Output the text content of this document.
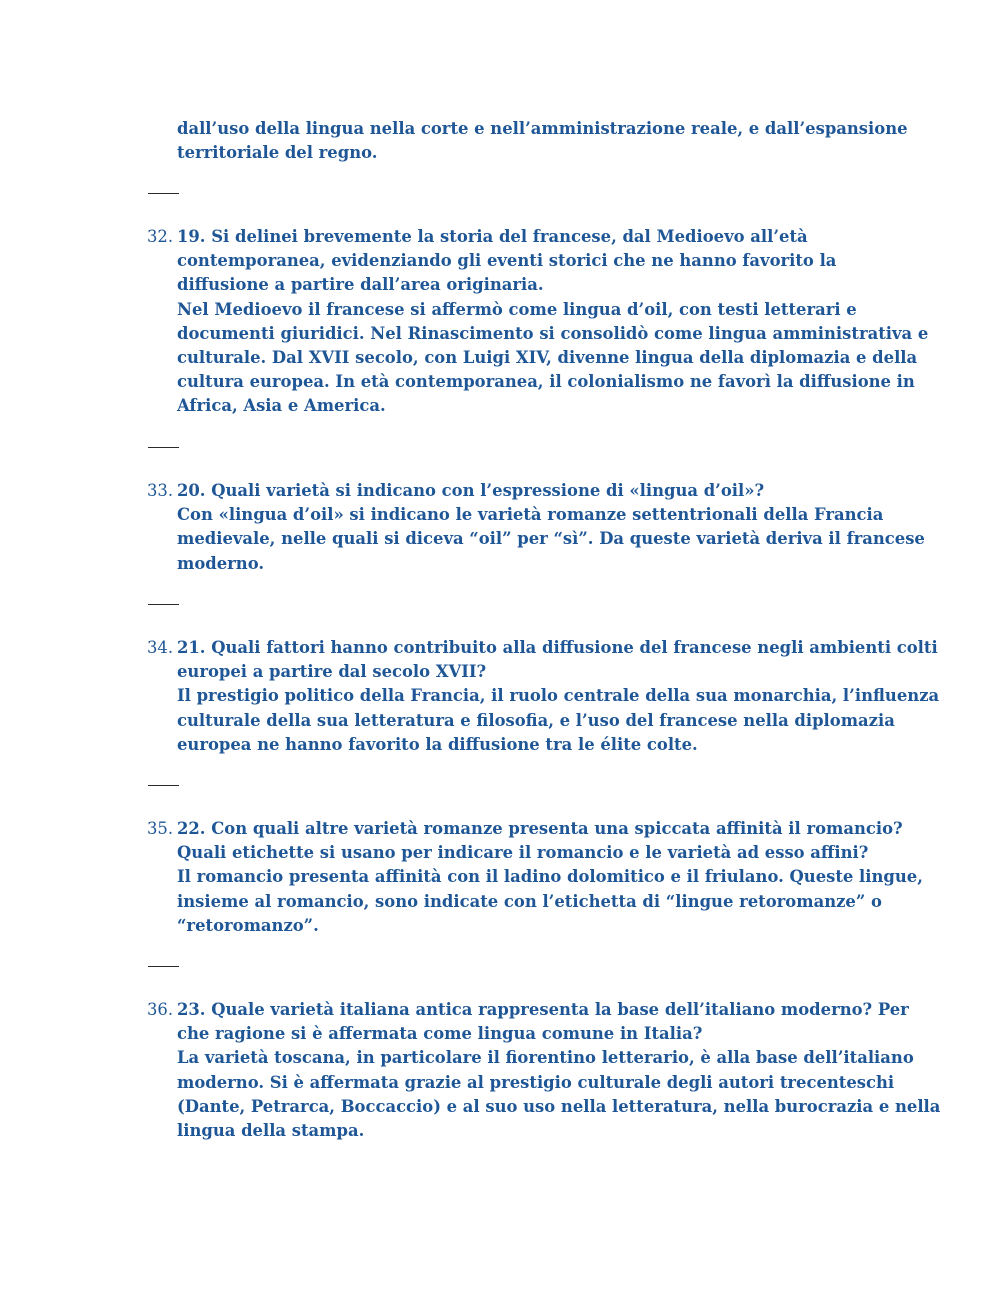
dall’uso della lingua nella corte e nell’amministrazione reale, e dall’espansione
territoriale del regno.
32. 19. Si delinei brevemente la storia del francese, dal Medioevo all’età
contemporanea, evidenziando gli eventi storici che ne hanno favorito la
diffusione a partire dall’area originaria.
Nel Medioevo il francese si affermò come lingua d’oil, con testi letterari e
documenti giuridici. Nel Rinascimento si consolidò come lingua amministrativa e
culturale. Dal XVII secolo, con Luigi XIV, divenne lingua della diplomazia e della
cultura europea. In età contemporanea, il colonialismo ne favorì la diffusione in
Africa, Asia e America.
33. 20. Quali varietà si indicano con l’espressione di «lingua d’oil»?
Con «lingua d’oil» si indicano le varietà romanze settentrionali della Francia
medievale, nelle quali si diceva “oil” per “sì”. Da queste varietà deriva il francese
moderno.
34. 21. Quali fattori hanno contribuito alla diffusione del francese negli ambienti colti
europei a partire dal secolo XVII?
Il prestigio politico della Francia, il ruolo centrale della sua monarchia, l’influenza
culturale della sua letteratura e filosofia, e l’uso del francese nella diplomazia
europea ne hanno favorito la diffusione tra le élite colte.
35. 22. Con quali altre varietà romanze presenta una spiccata affinità il romancio?
Quali etichette si usano per indicare il romancio e le varietà ad esso affini?
Il romancio presenta affinità con il ladino dolomitico e il friulano. Queste lingue,
insieme al romancio, sono indicate con l’etichetta di “lingue retoromanze” o
“retoromanzo”.
36. 23. Quale varietà italiana antica rappresenta la base dell’italiano moderno? Per
che ragione si è affermata come lingua comune in Italia?
La varietà toscana, in particolare il fiorentino letterario, è alla base dell’italiano
moderno. Si è affermata grazie al prestigio culturale degli autori trecenteschi
(Dante, Petrarca, Boccaccio) e al suo uso nella letteratura, nella burocrazia e nella
lingua della stampa.
